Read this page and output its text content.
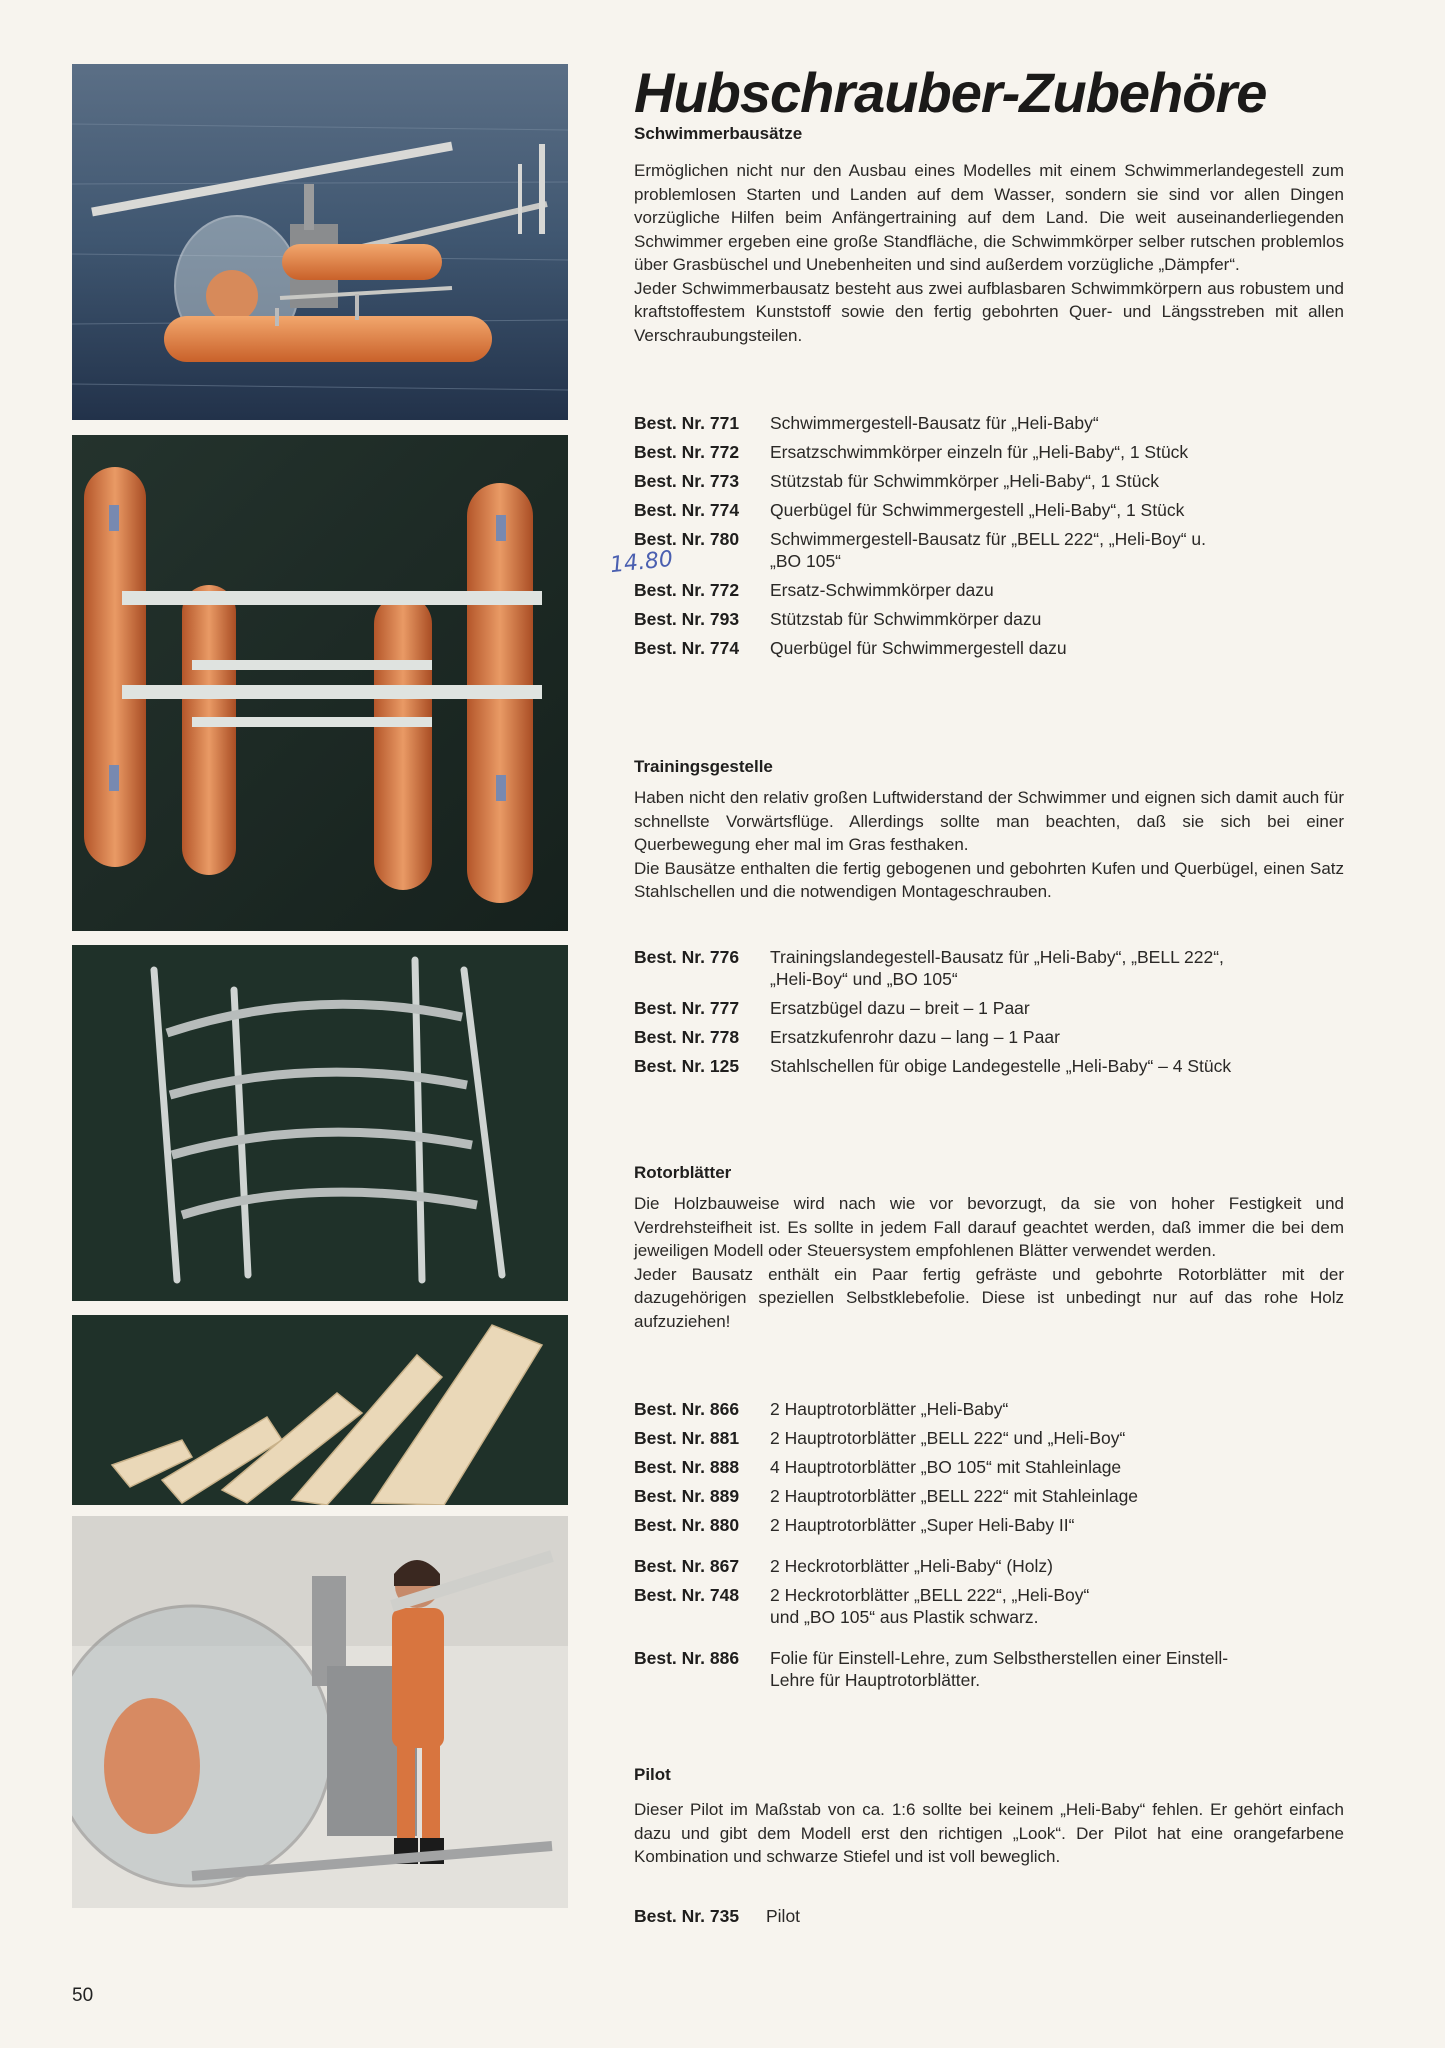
Hubschrauber-Zubehöre
14.80
Schwimmerbausätze

Ermöglichen nicht nur den Ausbau eines Modelles mit einem Schwimmerlandegestell zum problemlosen Starten und Landen auf dem Wasser, sondern sie sind vor allen Dingen vorzügliche Hilfen beim Anfängertraining auf dem Land. Die weit auseinanderliegenden Schwimmer ergeben eine große Standfläche, die Schwimmkörper selber rutschen problemlos über Grasbüschel und Unebenheiten und sind außerdem vorzügliche „Dämpfer“.

Jeder Schwimmerbausatz besteht aus zwei aufblasbaren Schwimmkörpern aus robustem und kraftstoffestem Kunststoff sowie den fertig gebohrten Quer- und Längsstreben mit allen Verschraubungsteilen.

Best. Nr. 771	Schwimmergestell-Bausatz für „Heli-Baby“
Best. Nr. 772	Ersatzschwimmkörper einzeln für „Heli-Baby“, 1 Stück
Best. Nr. 773	Stützstab für Schwimmkörper „Heli-Baby“, 1 Stück
Best. Nr. 774	Querbügel für Schwimmergestell „Heli-Baby“, 1 Stück
Best. Nr. 780	Schwimmergestell-Bausatz für „BELL 222“, „Heli-Boy“ u.
„BO 105“
Best. Nr. 772	Ersatz-Schwimmkörper dazu
Best. Nr. 793	Stützstab für Schwimmkörper dazu
Best. Nr. 774	Querbügel für Schwimmergestell dazu
Trainingsgestelle

Haben nicht den relativ großen Luftwiderstand der Schwimmer und eignen sich damit auch für schnellste Vorwärtsflüge. Allerdings sollte man beachten, daß sie sich bei einer Querbewegung eher mal im Gras festhaken.

Die Bausätze enthalten die fertig gebogenen und gebohrten Kufen und Querbügel, einen Satz Stahlschellen und die notwendigen Montageschrauben.

Best. Nr. 776	Trainingslandegestell-Bausatz für „Heli-Baby“, „BELL 222“,
„Heli-Boy“ und „BO 105“
Best. Nr. 777	Ersatzbügel dazu – breit – 1 Paar
Best. Nr. 778	Ersatzkufenrohr dazu – lang – 1 Paar
Best. Nr. 125	Stahlschellen für obige Landegestelle „Heli-Baby“ – 4 Stück
Rotorblätter

Die Holzbauweise wird nach wie vor bevorzugt, da sie von hoher Festigkeit und Verdrehsteifheit ist. Es sollte in jedem Fall darauf geachtet werden, daß immer die bei dem jeweiligen Modell oder Steuersystem empfohlenen Blätter verwendet werden.

Jeder Bausatz enthält ein Paar fertig gefräste und gebohrte Rotorblätter mit der dazugehörigen speziellen Selbstklebefolie. Diese ist unbedingt nur auf das rohe Holz aufzuziehen!

Best. Nr. 866	2 Hauptrotorblätter „Heli-Baby“
Best. Nr. 881	2 Hauptrotorblätter „BELL 222“ und „Heli-Boy“
Best. Nr. 888	4 Hauptrotorblätter „BO 105“ mit Stahleinlage
Best. Nr. 889	2 Hauptrotorblätter „BELL 222“ mit Stahleinlage
Best. Nr. 880	2 Hauptrotorblätter „Super Heli-Baby II“
Best. Nr. 867	2 Heckrotorblätter „Heli-Baby“ (Holz)
Best. Nr. 748	2 Heckrotorblätter „BELL 222“, „Heli-Boy“
und „BO 105“ aus Plastik schwarz.
Best. Nr. 886	Folie für Einstell-Lehre, zum Selbstherstellen einer Einstell-
Lehre für Hauptrotorblätter.
Pilot

Dieser Pilot im Maßstab von ca. 1:6 sollte bei keinem „Heli-Baby“ fehlen. Er gehört einfach dazu und gibt dem Modell erst den richtigen „Look“. Der Pilot hat eine orangefarbene Kombination und schwarze Stiefel und ist voll beweglich.

Best. Nr. 735	Pilot
50
